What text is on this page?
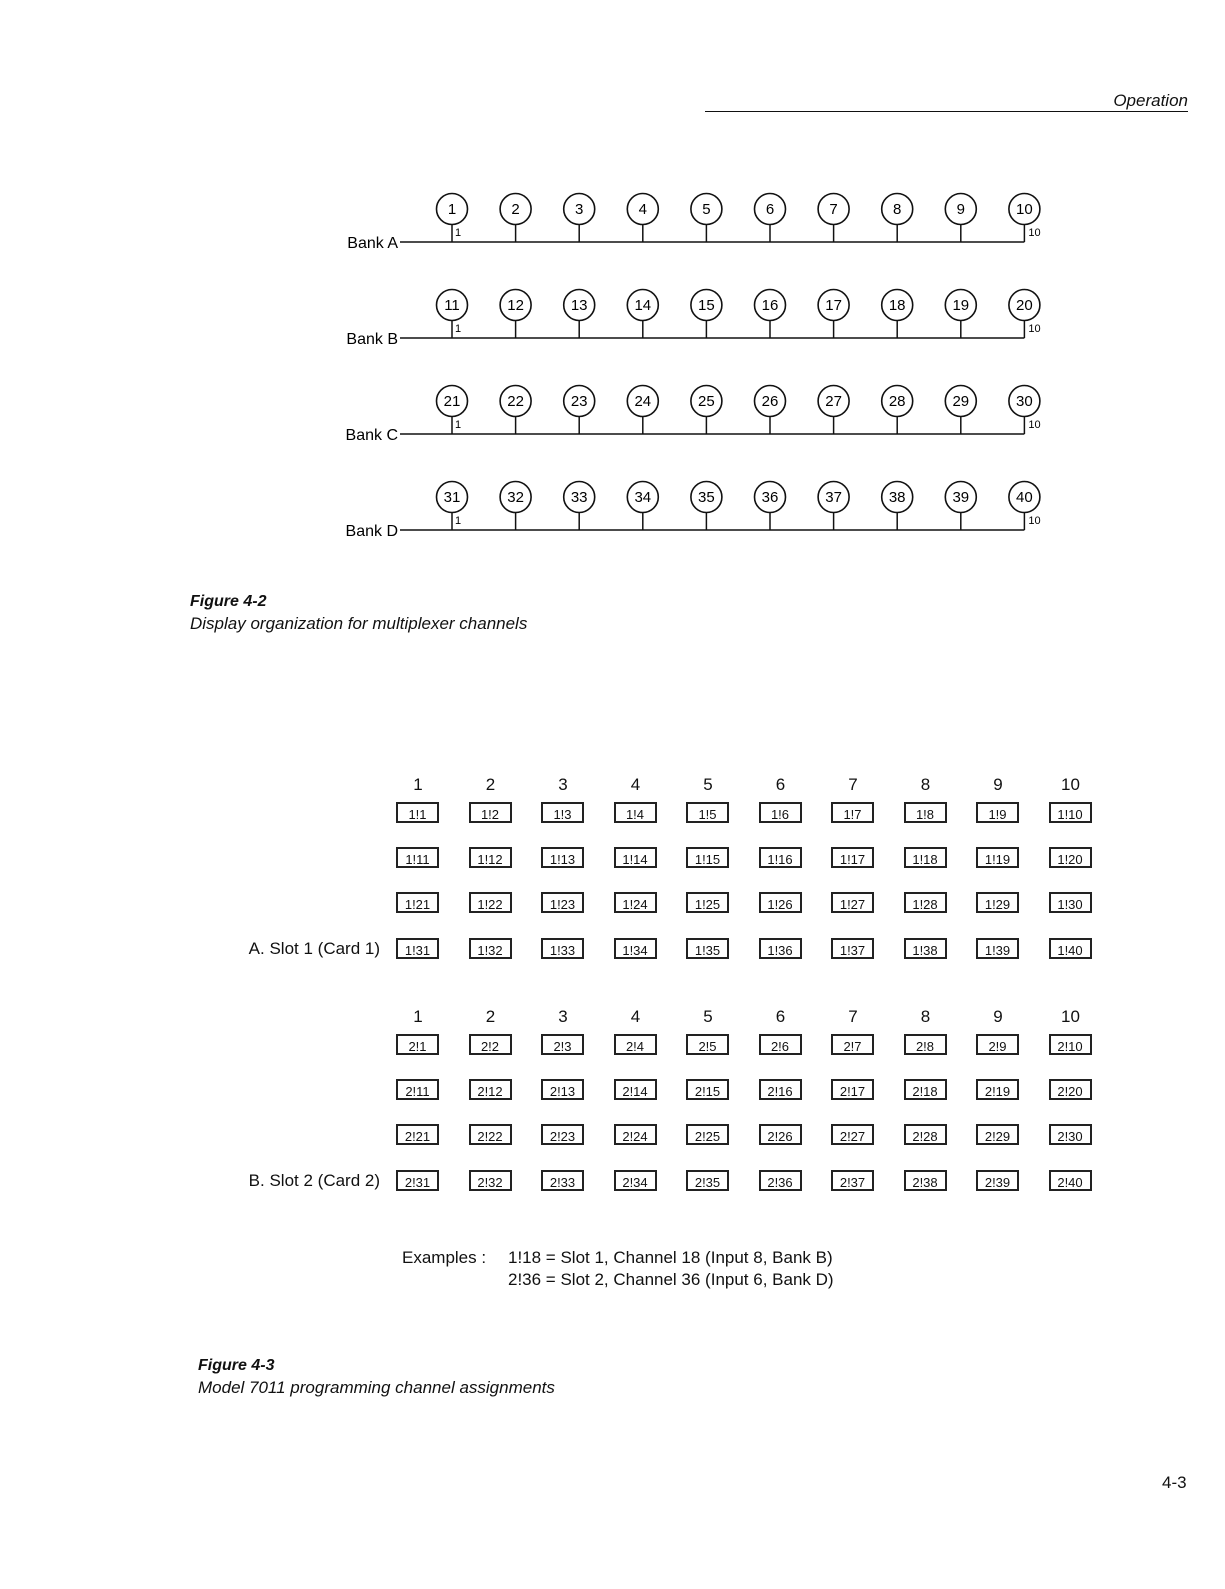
Operation
Bank A
1	2	3	4	5	6	7	8	9	10
1	10
Bank B
11	12	13	14	15	16	17	18	19	20
1	10
Bank C
21	22	23	24	25	26	27	28	29	30
1	10
Bank D
31	32	33	34	35	36	37	38	39	40
1	10
Figure 4-2
Display organization for multiplexer channels
1	2	3	4	5	6	7	8	9	10
1!1	1!2	1!3	1!4	1!5	1!6	1!7	1!8	1!9	1!10
1!11	1!12	1!13	1!14	1!15	1!16	1!17	1!18	1!19	1!20
1!21	1!22	1!23	1!24	1!25	1!26	1!27	1!28	1!29	1!30
1!31	1!32	1!33	1!34	1!35	1!36	1!37	1!38	1!39	1!40
A. Slot 1 (Card 1)
1	2	3	4	5	6	7	8	9	10
2!1	2!2	2!3	2!4	2!5	2!6	2!7	2!8	2!9	2!10
2!11	2!12	2!13	2!14	2!15	2!16	2!17	2!18	2!19	2!20
2!21	2!22	2!23	2!24	2!25	2!26	2!27	2!28	2!29	2!30
2!31	2!32	2!33	2!34	2!35	2!36	2!37	2!38	2!39	2!40
B. Slot 2 (Card 2)
Examples : 1!18 = Slot 1, Channel 18 (Input 8, Bank B)
2!36 = Slot 2, Channel 36 (Input 6, Bank D)
Figure 4-3
Model 7011 programming channel assignments
4-3
